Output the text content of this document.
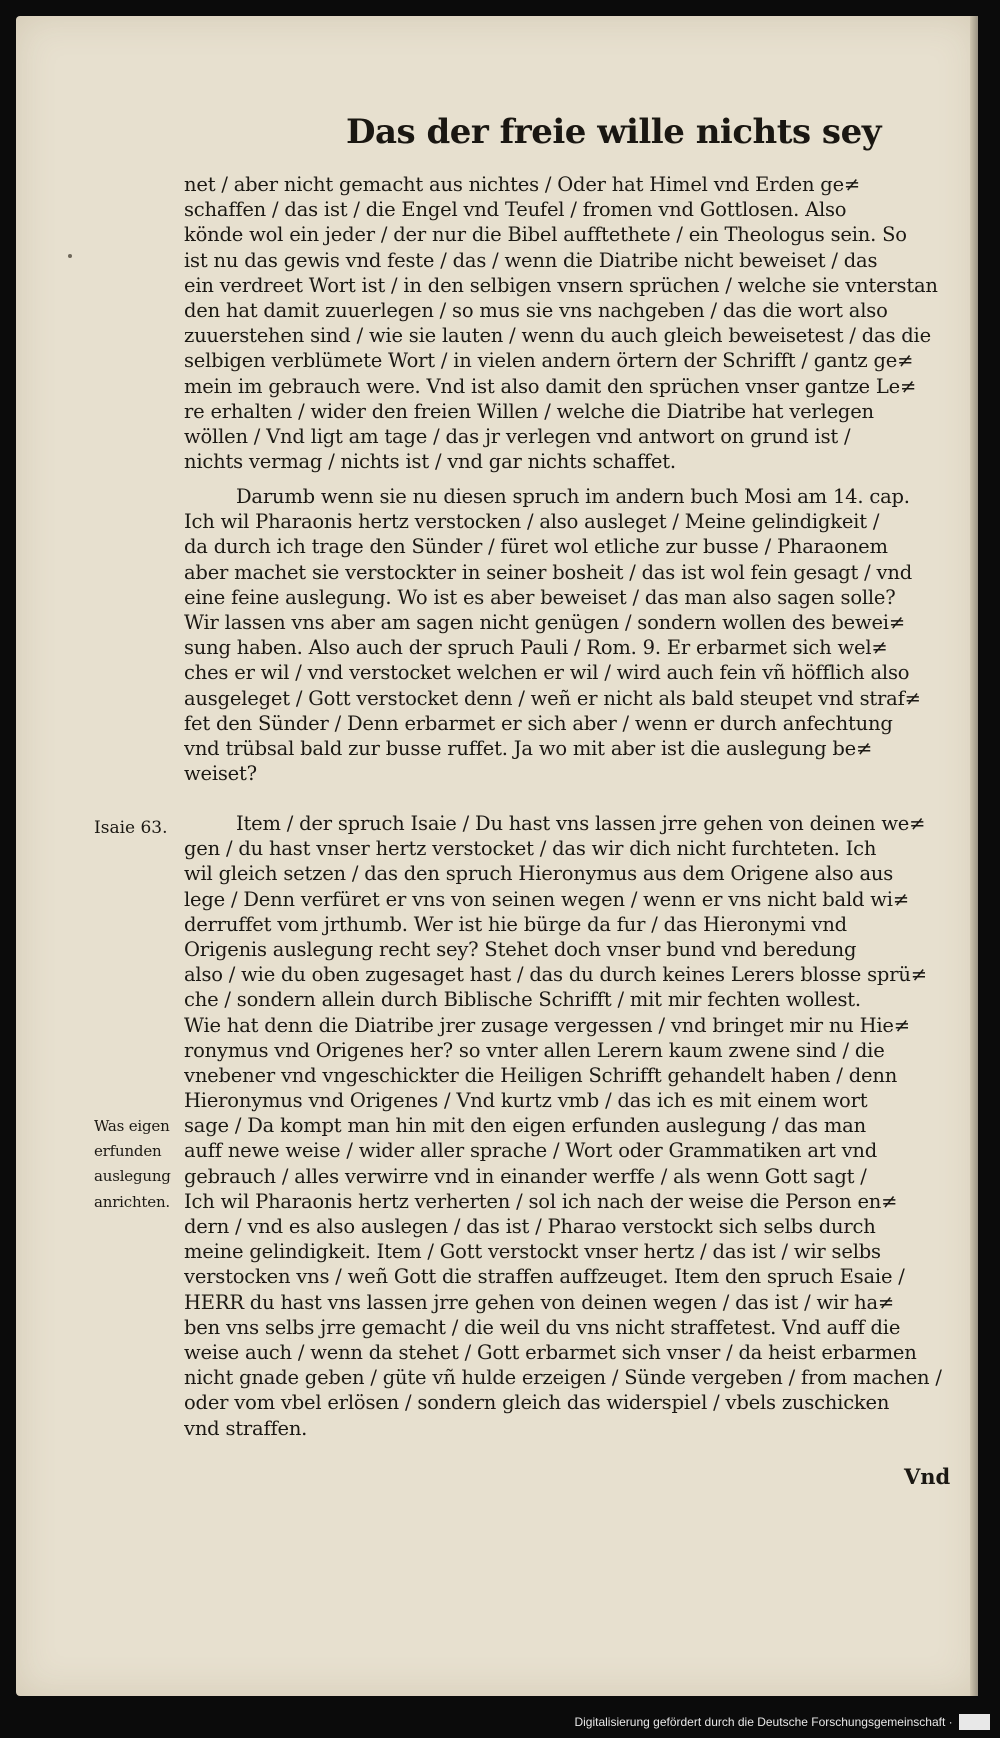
Das der freie wille nichts sey
net / aber nicht gemacht aus nichtes / Oder hat Himel vnd Erden ge≠
schaffen / das ist / die Engel vnd Teufel / fromen vnd Gottlosen. Also
könde wol ein jeder / der nur die Bibel aufftethete / ein Theologus sein. So
ist nu das gewis vnd feste / das / wenn die Diatribe nicht beweiset / das
ein verdreet Wort ist / in den selbigen vnsern sprüchen / welche sie vnterstan
den hat damit zuuerlegen / so mus sie vns nachgeben / das die wort also
zuuerstehen sind / wie sie lauten / wenn du auch gleich beweisetest / das die
selbigen verblümete Wort / in vielen andern örtern der Schrifft / gantz ge≠
mein im gebrauch were. Vnd ist also damit den sprüchen vnser gantze Le≠
re erhalten / wider den freien Willen / welche die Diatribe hat verlegen
wöllen / Vnd ligt am tage / das jr verlegen vnd antwort on grund ist /
nichts vermag / nichts ist / vnd gar nichts schaffet.
Darumb wenn sie nu diesen spruch im andern buch Mosi am 14. cap.
Ich wil Pharaonis hertz verstocken / also ausleget / Meine gelindigkeit /
da durch ich trage den Sünder / füret wol etliche zur busse / Pharaonem
aber machet sie verstockter in seiner bosheit / das ist wol fein gesagt / vnd
eine feine auslegung. Wo ist es aber beweiset / das man also sagen solle?
Wir lassen vns aber am sagen nicht genügen / sondern wollen des bewei≠
sung haben. Also auch der spruch Pauli / Rom. 9. Er erbarmet sich wel≠
ches er wil / vnd verstocket welchen er wil / wird auch fein vñ höfflich also
ausgeleget / Gott verstocket denn / weñ er nicht als bald steupet vnd straf≠
fet den Sünder / Denn erbarmet er sich aber / wenn er durch anfechtung
vnd trübsal bald zur busse ruffet. Ja wo mit aber ist die auslegung be≠
weiset?
Item / der spruch Isaie / Du hast vns lassen jrre gehen von deinen we≠
gen / du hast vnser hertz verstocket / das wir dich nicht furchteten. Ich
wil gleich setzen / das den spruch Hieronymus aus dem Origene also aus
lege / Denn verfüret er vns von seinen wegen / wenn er vns nicht bald wi≠
derruffet vom jrthumb. Wer ist hie bürge da fur / das Hieronymi vnd
Origenis auslegung recht sey? Stehet doch vnser bund vnd beredung
also / wie du oben zugesaget hast / das du durch keines Lerers blosse sprü≠
che / sondern allein durch Biblische Schrifft / mit mir fechten wollest.
Wie hat denn die Diatribe jrer zusage vergessen / vnd bringet mir nu Hie≠
ronymus vnd Origenes her? so vnter allen Lerern kaum zwene sind / die
vnebener vnd vngeschickter die Heiligen Schrifft gehandelt haben / denn
Hieronymus vnd Origenes / Vnd kurtz vmb / das ich es mit einem wort
sage / Da kompt man hin mit den eigen erfunden auslegung / das man
auff newe weise / wider aller sprache / Wort oder Grammatiken art vnd
gebrauch / alles verwirre vnd in einander werffe / als wenn Gott sagt /
Ich wil Pharaonis hertz verherten / sol ich nach der weise die Person en≠
dern / vnd es also auslegen / das ist / Pharao verstockt sich selbs durch
meine gelindigkeit. Item / Gott verstockt vnser hertz / das ist / wir selbs
verstocken vns / weñ Gott die straffen auffzeuget. Item den spruch Esaie /
HERR du hast vns lassen jrre gehen von deinen wegen / das ist / wir ha≠
ben vns selbs jrre gemacht / die weil du vns nicht straffetest. Vnd auff die
weise auch / wenn da stehet / Gott erbarmet sich vnser / da heist erbarmen
nicht gnade geben / güte vñ hulde erzeigen / Sünde vergeben / from machen /
oder vom vbel erlösen / sondern gleich das widerspiel / vbels zuschicken
vnd straffen.
Isaie 63.
Was eigen
erfunden
auslegung
anrichten.
Vnd
Digitalisierung gefördert durch die Deutsche Forschungsgemeinschaft · DFG
